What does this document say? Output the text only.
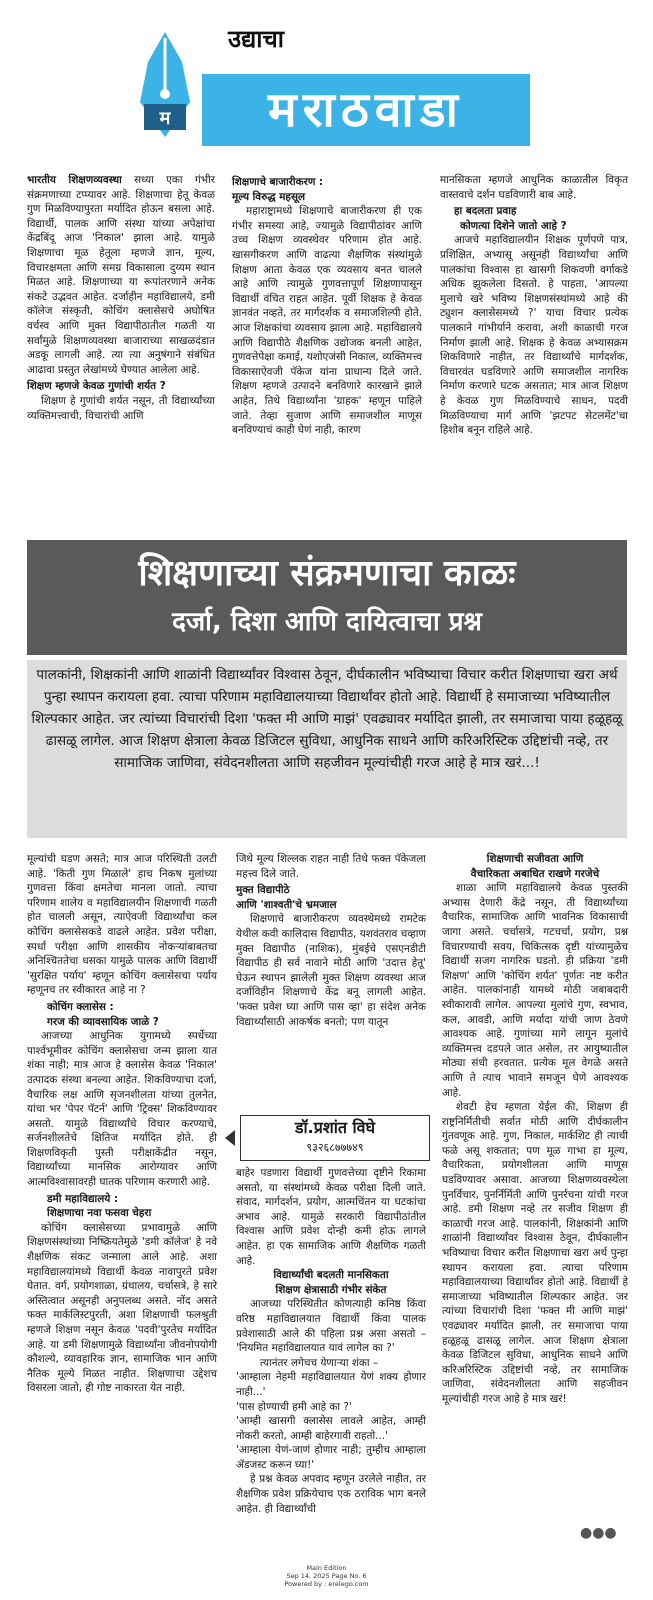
म
उद्याचा
मराठवाडा

भारतीय शिक्षणव्यवस्था सध्या एका गंभीर संक्रमणाच्या टप्प्यावर आहे. शिक्षणाचा हेतू केवळ गुण मिळविण्यापुरता मर्यादित होऊन बसला आहे. विद्यार्थी, पालक आणि संस्था यांच्या अपेक्षांचा केंद्रबिंदू आज 'निकाल' झाला आहे. यामुळे शिक्षणाचा मूळ हेतूला म्हणजे ज्ञान, मूल्य, विचारक्षमता आणि समग्र विकासाला दुय्यम स्थान मिळत आहे. शिक्षणाच्या या रूपांतरणाने अनेक संकटे उद्भवत आहेत. दर्जाहीन महाविद्यालये, डमी कॉलेज संस्कृती, कोचिंग क्लासेसचे अघोषित वर्चस्व आणि मुक्त विद्यापीठातील गळती या सर्वांमुळे शिक्षणव्यवस्था बाजाराच्या साखळदंडात अडकू लागली आहे. त्या त्या अनुषंगाने संबंधित आढावा प्रस्तुत लेखांमध्ये घेण्यात आलेला आहे.

शिक्षण म्हणजे केवळ गुणांची शर्यत ?

शिक्षण हे गुणांची शर्यत नसून, ती विद्यार्थ्यांच्या व्यक्तिमत्त्वाची, विचारांची आणि

शिक्षणाचे बाजारीकरण :

मूल्य विरुद्ध महसूल

महाराष्ट्रामध्ये शिक्षणाचे बाजारीकरण ही एक गंभीर समस्या आहे, ज्यामुळे विद्यापीठांवर आणि उच्च शिक्षण व्यवस्थेवर परिणाम होत आहे. खासगीकरण आणि वाढत्या शैक्षणिक संस्थांमुळे शिक्षण आता केवळ एक व्यवसाय बनत चालले आहे आणि त्यामुळे गुणवत्तापूर्ण शिक्षणापासून विद्यार्थी वंचित राहत आहेत. पूर्वी शिक्षक हे केवळ ज्ञानवंत नव्हते, तर मार्गदर्शक व समाजशिल्पी होते. आज शिक्षकांचा व्यवसाय झाला आहे. महाविद्यालये आणि विद्यापीठे शैक्षणिक उद्योजक बनली आहेत, गुणवत्तेपेक्षा कमाई, यशोएजंसी निकाल, व्यक्तिमत्त्व विकासाऐवजी पॅकेज यांना प्राधान्य दिले जाते. शिक्षण म्हणजे उत्पादने बनविणारे कारखाने झाले आहेत, तिथे विद्यार्थ्यांना 'ग्राहक' म्हणून पाहिले जाते. तेव्हा सुजाण आणि समाजशील माणूस बनविण्याचं काही घेणं नाही, कारण

मानसिकता म्हणजे आधुनिक काळातील विकृत वास्तवाचे दर्शन घडविणारी बाब आहे.

हा बदलता प्रवाह

कोणत्या दिशेने जातो आहे ?

आजचे महाविद्यालयीन शिक्षक पूर्णपणे पात्र, प्रशिक्षित, अभ्यासू असूनही विद्यार्थ्यांचा आणि पालकांचा विश्वास हा खासगी शिकवणी वर्गाकडे अधिक झुकलेला दिसतो. हे पाहता, 'आपल्या मुलाचे खरे भविष्य शिक्षणसंस्थांमध्ये आहे की ट्युशन क्लासेसमध्ये ?' याचा विचार प्रत्येक पालकाने गांभीर्याने करावा, अशी काळाची गरज निर्माण झाली आहे. शिक्षक हे केवळ अभ्यासक्रम शिकविणारे नाहीत, तर विद्यार्थ्यांचे मार्गदर्शक, विचारवंत घडविणारे आणि समाजशील नागरिक निर्माण करणारे घटक असतात; मात्र आज शिक्षण हे केवळ गुण मिळविण्याचे साधन, पदवी मिळविण्याचा मार्ग आणि 'झटपट सेटलमेंट'चा हिशोब बनून राहिले आहे.

शिक्षणाच्या संक्रमणाचा काळः
दर्जा, दिशा आणि दायित्वाचा प्रश्न
पालकांनी, शिक्षकांनी आणि शाळांनी विद्यार्थ्यांवर विश्वास ठेवून, दीर्घकालीन भविष्याचा विचार करीत शिक्षणाचा खरा अर्थ पुन्हा स्थापन करायला हवा. त्याचा परिणाम महाविद्यालयाच्या विद्यार्थांवर होतो आहे. विद्यार्थी हे समाजाच्या भविष्यातील शिल्पकार आहेत. जर त्यांच्या विचारांची दिशा 'फक्त मी आणि माझं' एवढ्यावर मर्यादित झाली, तर समाजाचा पाया हळूहळू ढासळू लागेल. आज शिक्षण क्षेत्राला केवळ डिजिटल सुविधा, आधुनिक साधने आणि करिअरिस्टिक उद्दिष्टांची नव्हे, तर सामाजिक जाणिवा, संवेदनशीलता आणि सहजीवन मूल्यांचीही गरज आहे हे मात्र खरं...!

मूल्यांची घडण असते; मात्र आज परिस्थिती उलटी आहे. 'किती गुण मिळाले' हाच निकष मुलांच्या गुणवत्ता किंवा क्षमतेचा मानला जातो. त्याचा परिणाम शालेय व महाविद्यालयीन शिक्षणाची गळती होत चालली असून, त्याऐवजी विद्यार्थ्यांचा कल कोचिंग क्लासेसकडे वाढले आहेत. प्रवेश परीक्षा, स्पर्धा परीक्षा आणि शासकीय नोकऱ्यांबाबतचा अनिश्चिततेचा धसका यामुळे पालक आणि विद्यार्थी 'सुरक्षित पर्याय' म्हणून कोचिंग क्लासेसचा पर्याय म्हणूनच तर स्वीकारत आहे ना ?

कोचिंग क्लासेस :

गरज की व्यावसायिक जाळे ?

आजच्या आधुनिक युगामध्ये स्पर्धेच्या पार्श्वभूमीवर कोचिंग क्लासेसचा जन्म झाला यात शंका नाही; मात्र आज हे क्लासेस केवळ 'निकाल' उत्पादक संस्था बनल्या आहेत. शिकविण्याचा दर्जा, वैचारिक लक्ष आणि सृजनशीलता यांच्या तुलनेत, यांचा भर 'पेपर पॅटर्न' आणि 'ट्रिक्स' शिकविण्यावर असतो. यामुळे विद्यार्थ्यांचे विचार करण्याचे, सर्जनशीलतेचे क्षितिज मर्यादित होते. ही शिक्षणविकृती पुस्ती परीक्षाकेंद्रीत नसून, विद्यार्थ्यांच्या मानसिक आरोग्यावर आणि आत्मविश्वासावरही घातक परिणाम करणारी आहे.

डमी महाविद्यालये :

शिक्षणाचा नवा फसवा चेहरा

कोचिंग क्लासेसच्या प्रभावामुळे आणि शिक्षणसंस्थांच्या निष्क्रियतेमुळे 'डमी कॉलेज' हे नवे शैक्षणिक संकट जन्माला आले आहे. अशा महाविद्यालयांमध्ये विद्यार्थी केवळ नावापुरते प्रवेश घेतात. वर्ग, प्रयोगशाळा, ग्रंथालय, चर्चासत्रे, हे सारे अस्तित्वात असूनही अनुपलब्ध असते. नोंद असते फक्त मार्कलिस्टपुरती, अशा शिक्षणाची फलश्रुती म्हणजे शिक्षण नसून केवळ 'पदवी'पुरतेच मर्यादित आहे. या डमी शिक्षणामुळे विद्यार्थ्यांना जीवनोपयोगी कौशल्ये, व्यावहारिक ज्ञान, सामाजिक भान आणि नैतिक मूल्ये मिळत नाहीत. शिक्षणाचा उद्देशच विसरला जातो, ही गोष्ट नाकारता येत नाही.

जिथे मूल्य शिल्लक राहत नाही तिथे फक्त पॅकेजला महत्त्व दिले जाते.

मुक्त विद्यापीठे

आणि 'शाश्वती'चे भ्रमजाल

शिक्षणाचे बाजारीकरण व्यवस्थेमध्ये रामटेक येथील कवी कालिदास विद्यापीठ, यशवंतराव चव्हाण मुक्त विद्यापीठ (नाशिक), मुंबईचे एसएनडीटी विद्यापीठ ही सर्व नावाने मोठी आणि 'उदात्त हेतू' घेऊन स्थापन झालेली मुक्त शिक्षण व्यवस्था आज दर्जाविहीन शिक्षणाचे केंद्र बनू लागली आहेत. 'फक्त प्रवेश घ्या आणि पास व्हा' हा संदेश अनेक विद्यार्थ्यांसाठी आकर्षक बनतो; पण यातून

डॉ.प्रशांत विघे
९३२६८७७७४९

बाहेर पडणारा विद्यार्थी गुणवत्तेच्या दृष्टीने रिकामा असतो, या संस्थांमध्ये केवळ परीक्षा दिली जाते. संवाद, मार्गदर्शन, प्रयोग, आत्मचिंतन या घटकांचा अभाव आहे. यामुळे सरकारी विद्यापीठांतील विश्वास आणि प्रवेश दोन्ही कमी होऊ लागले आहेत. हा एक सामाजिक आणि शैक्षणिक गळती आहे.

विद्यार्थ्यांची बदलती मानसिकता

शिक्षण क्षेत्रासाठी गंभीर संकेत

आजच्या परिस्थितीत कोणत्याही कनिष्ठ किंवा वरिष्ठ महाविद्यालयात विद्यार्थी किंवा पालक प्रवेशासाठी आले की पहिला प्रश्न असा असतो – 'नियमित महाविद्यालयात यावं लागेल का ?'

त्यानंतर लगेचच येणाऱ्या शंका –

'आम्हाला नेहमी महाविद्यालयात येणं शक्य होणार नाही...'

'पास होण्याची हमी आहे का ?'

'आम्ही खासगी क्लासेस लावले आहेत, आम्ही नोकरी करतो, आम्ही बाहेरगावी राहतो...'

'आम्हाला येणं-जाणं होणार नाही; तुम्हीच आम्हाला ॲडजस्ट करून घ्या!'

हे प्रश्न केवळ अपवाद म्हणून उरलेले नाहीत, तर शैक्षणिक प्रवेश प्रक्रियेचाच एक ठराविक भाग बनले आहेत. ही विद्यार्थ्यांची

शिक्षणाची सजीवता आणि

वैचारिकता अबाधित राखणे गरजेचे

शाळा आणि महाविद्यालये केवळ पुस्तकी अभ्यास देणारी केंद्रे नसून, ती विद्यार्थ्यांच्या वैचारिक, सामाजिक आणि भावनिक विकासाची जागा असते. चर्चासत्रे, गटचर्चा, प्रयोग, प्रश्न विचारण्याची सवय, चिकित्सक दृष्टी यांच्यामुळेच विद्यार्थी सजग नागरिक घडतो. ही प्रक्रिया 'डमी शिक्षण' आणि 'कोचिंग शर्यत' पूर्णतः नष्ट करीत आहेत. पालकांनाही यामध्ये मोठी जबाबदारी स्वीकारावी लागेल. आपल्या मुलांचे गुण, स्वभाव, कल, आवडी, आणि मर्यादा यांची जाण ठेवणे आवश्यक आहे. गुणांच्या मागे लागून मुलांचे व्यक्तिमत्त्व दडपले जात असेल, तर आयुष्यातील मोठ्या संधी हरवतात. प्रत्येक मूल वेगळे असते आणि ते त्याच भावाने समजून घेणे आवश्यक आहे.

शेवटी हेच म्हणता येईल की, शिक्षण ही राष्ट्रनिर्मितीची सर्वात मोठी आणि दीर्घकालीन गुंतवणूक आहे. गुण, निकाल, मार्कशिट ही त्याची फळे असू शकतात; पण मूळ गाभा हा मूल्य, वैचारिकता, प्रयोगशीलता आणि माणूस घडविण्यावर असावा. आजच्या शिक्षणव्यवस्थेला पुनर्विचार, पुनर्निर्मिती आणि पुनर्रचना यांची गरज आहे. डमी शिक्षण नव्हे तर सजीव शिक्षण ही काळाची गरज आहे. पालकांनी, शिक्षकांनी आणि शाळांनी विद्यार्थ्यांवर विश्वास ठेवून, दीर्घकालीन भविष्याचा विचार करीत शिक्षणाचा खरा अर्थ पुन्हा स्थापन करायला हवा. त्याचा परिणाम महाविद्यालयाच्या विद्यार्थांवर होतो आहे. विद्यार्थी हे समाजाच्या भविष्यातील शिल्पकार आहेत. जर त्यांच्या विचारांची दिशा 'फक्त मी आणि माझं' एवढ्यावर मर्यादित झाली, तर समाजाचा पाया हळूहळू ढासळू लागेल. आज शिक्षण क्षेत्राला केवळ डिजिटल सुविधा, आधुनिक साधने आणि करिअरिस्टिक उद्दिष्टांची नव्हे, तर सामाजिक जाणिवा, संवेदनशीलता आणि सहजीवन मूल्यांचीही गरज आहे हे मात्र खरं!

●●●
Main Edition
Sep 14, 2025 Page No. 6
Powered by : erelego.com
